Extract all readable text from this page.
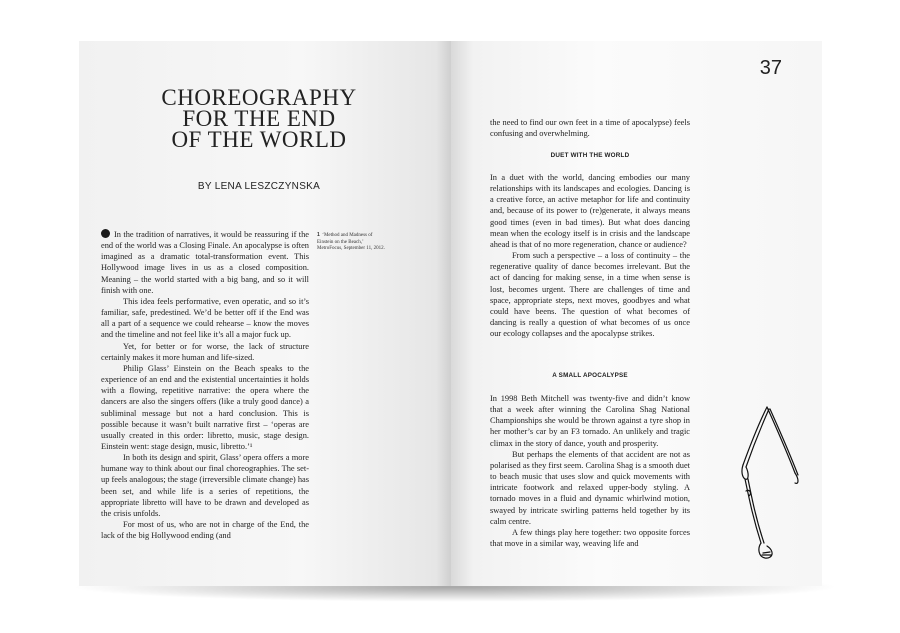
CHOREOGRAPHY
FOR THE END
OF THE WORLD
BY LENA LESZCZYNSKA

In the tradition of narratives, it would be reassuring if the end of the world was a Closing Finale. An apocalypse is often imagined as a dramatic total-transformation event. This Hollywood image lives in us as a closed composition. Meaning – the world started with a big bang, and so it will finish with one.

This idea feels performative, even operatic, and so it’s familiar, safe, predestined. We’d be better off if the End was all a part of a sequence we could rehearse – know the moves and the timeline and not feel like it’s all a major fuck up.

Yet, for better or for worse, the lack of structure certainly makes it more human and life-sized.

Philip Glass’ Einstein on the Beach speaks to the experience of an end and the existential uncertainties it holds with a flowing, repetitive narrative: the opera where the dancers are also the singers offers (like a truly good dance) a subliminal message but not a hard conclusion. This is possible because it wasn’t built narrative first – ‘operas are usually created in this order: libretto, music, stage design. Einstein went: stage design, music, libretto.’¹

In both its design and spirit, Glass’ opera offers a more humane way to think about our final choreographies. The set-up feels analogous; the stage (irreversible climate change) has been set, and while life is a series of repetitions, the appropriate libretto will have to be drawn and developed as the crisis unfolds.

For most of us, who are not in charge of the End, the lack of the big Hollywood ending (and

1 ‘Method and Madness of Einstein on the Beach,’ MetroFocus, September 11, 2012.
37

the need to find our own feet in a time of apocalypse) feels confusing and overwhelming.

DUET WITH THE WORLD

In a duet with the world, dancing embodies our many relationships with its landscapes and ecologies. Dancing is a creative force, an active metaphor for life and continuity and, because of its power to (re)generate, it always means good times (even in bad times). But what does dancing mean when the ecology itself is in crisis and the landscape ahead is that of no more regeneration, chance or audience?

From such a perspective – a loss of continuity – the regenerative quality of dance becomes irrelevant. But the act of dancing for making sense, in a time when sense is lost, becomes urgent. There are challenges of time and space, appropriate steps, next moves, goodbyes and what could have beens. The question of what becomes of dancing is really a question of what becomes of us once our ecology collapses and the apocalypse strikes.

A SMALL APOCALYPSE

In 1998 Beth Mitchell was twenty-five and didn’t know that a week after winning the Carolina Shag National Championships she would be thrown against a tyre shop in her mother’s car by an F3 tornado. An unlikely and tragic climax in the story of dance, youth and prosperity.

But perhaps the elements of that accident are not as polarised as they first seem. Carolina Shag is a smooth duet to beach music that uses slow and quick movements with intricate footwork and relaxed upper-body styling. A tornado moves in a fluid and dynamic whirlwind motion, swayed by intricate swirling patterns held together by its calm centre.

A few things play here together: two opposite forces that move in a similar way, weaving life and
